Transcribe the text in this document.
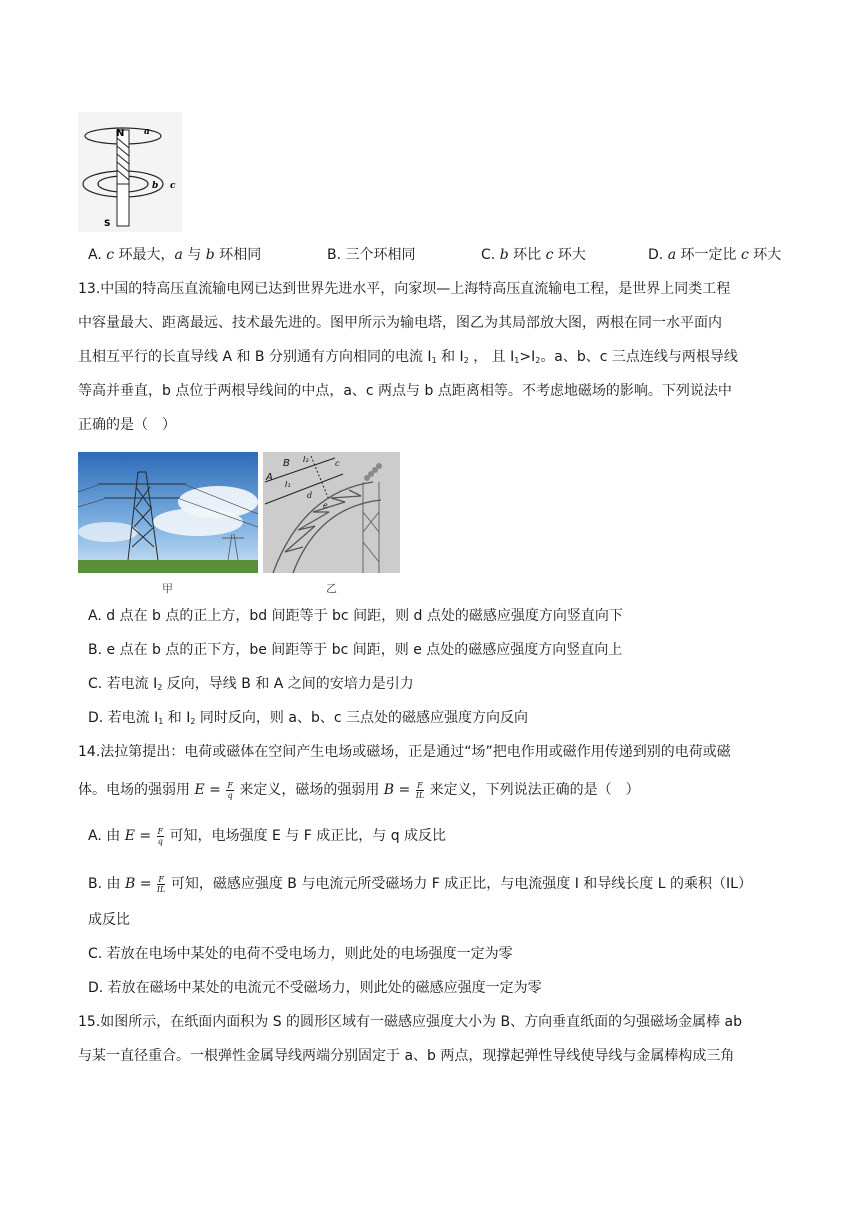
N a
b c
S
A. c 环最大，a 与 b 环相同	B. 三个环相同	C. b 环比 c 环大	D. a 环一定比 c 环大
13.中国的特高压直流输电网已达到世界先进水平，向家坝—上海特高压直流输电工程，是世界上同类工程
中容量最大、距离最远、技术最先进的。图甲所示为输电塔，图乙为其局部放大图，两根在同一水平面内
且相互平行的长直导线 A 和 B 分别通有方向相同的电流 $I_1$ 和 $I_2$ ， 且 $I_1>I_2$。a、b、c 三点连线与两根导线
等高并垂直，b 点位于两根导线间的中点，a、c 两点与 b 点距离相等。不考虑地磁场的影响。下列说法中
正确的是（　）
甲
A
B I₂
I₁
c
d
e
乙
A. d 点在 b 点的正上方，bd 间距等于 bc 间距，则 d 点处的磁感应强度方向竖直向下
B. e 点在 b 点的正下方，be 间距等于 bc 间距，则 e 点处的磁感应强度方向竖直向上
C. 若电流 $I_2$ 反向，导线 B 和 A 之间的安培力是引力
D. 若电流 $I_1$ 和 $I_2$ 同时反向，则 a、b、c 三点处的磁感应强度方向反向
14.法拉第提出：电荷或磁体在空间产生电场或磁场，正是通过“场”把电作用或磁作用传递到别的电荷或磁
体。电场的强弱用 $E = \frac{F}{q}$ 来定义，磁场的强弱用 $B = \frac{F}{IL}$ 来定义，下列说法正确的是（　）
A. 由 $E = \frac{F}{q}$ 可知，电场强度 E 与 F 成正比，与 q 成反比
B. 由 $B = \frac{F}{IL}$ 可知，磁感应强度 B 与电流元所受磁场力 F 成正比，与电流强度 I 和导线长度 L 的乘积（IL）
成反比
C. 若放在电场中某处的电荷不受电场力，则此处的电场强度一定为零
D. 若放在磁场中某处的电流元不受磁场力，则此处的磁感应强度一定为零
15.如图所示，在纸面内面积为 S 的圆形区域有一磁感应强度大小为 B、方向垂直纸面的匀强磁场金属棒 ab
与某一直径重合。一根弹性金属导线两端分别固定于 a、b 两点，现撑起弹性导线使导线与金属棒构成三角
